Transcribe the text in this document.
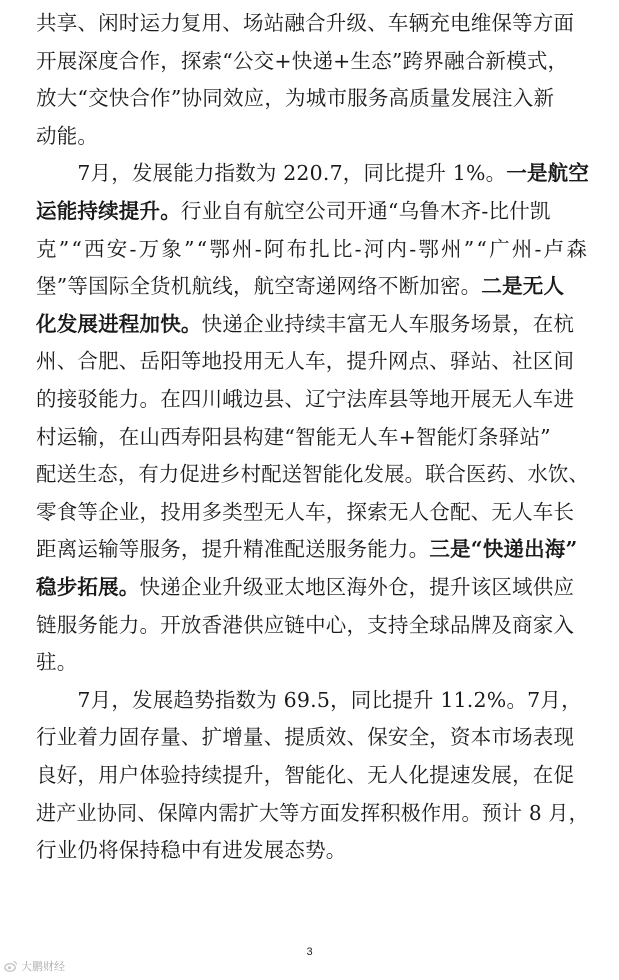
共享、闲时运力复用、场站融合升级、车辆充电维保等方面
开展深度合作，探索“公交+快递+生态”跨界融合新模式，
放大“交快合作”协同效应，为城市服务高质量发展注入新
动能。
　　7月，发展能力指数为 220.7，同比提升 1%。一是航空
运能持续提升。行业自有航空公司开通“乌鲁木齐-比什凯
克”“西安-万象”“鄂州-阿布扎比-河内-鄂州”“广州-卢森
堡”等国际全货机航线，航空寄递网络不断加密。二是无人
化发展进程加快。快递企业持续丰富无人车服务场景，在杭
州、合肥、岳阳等地投用无人车，提升网点、驿站、社区间
的接驳能力。在四川峨边县、辽宁法库县等地开展无人车进
村运输，在山西寿阳县构建“智能无人车+智能灯条驿站”
配送生态，有力促进乡村配送智能化发展。联合医药、水饮、
零食等企业，投用多类型无人车，探索无人仓配、无人车长
距离运输等服务，提升精准配送服务能力。三是“快递出海”
稳步拓展。快递企业升级亚太地区海外仓，提升该区域供应
链服务能力。开放香港供应链中心，支持全球品牌及商家入
驻。
　　7月，发展趋势指数为 69.5，同比提升 11.2%。7月，
行业着力固存量、扩增量、提质效、保安全，资本市场表现
良好，用户体验持续提升，智能化、无人化提速发展，在促
进产业协同、保障内需扩大等方面发挥积极作用。预计 8 月，
行业仍将保持稳中有进发展态势。
3
大鹏财经
